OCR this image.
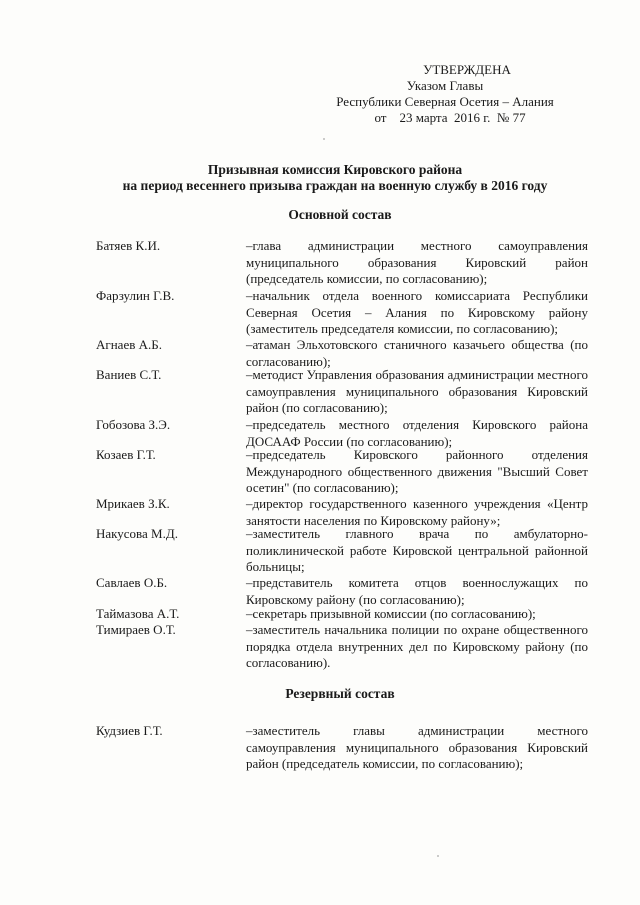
УТВЕРЖДЕНА
Указом Главы
Республики Северная Осетия – Алания
от    23 марта  2016 г.  № 77
Призывная комиссия Кировского района
на период весеннего призыва граждан на военную службу в 2016 году
Основной состав
Батяев К.И.	–глава администрации местного самоуправления муниципального образования Кировский район (председатель комиссии, по согласованию);
Фарзулин Г.В.	–начальник отдела военного комиссариата Республики Северная Осетия – Алания по Кировскому району (заместитель председателя комиссии, по согласованию);
Агнаев А.Б.	–атаман Эльхотовского станичного казачьего общества (по согласованию);
Ваниев С.Т.	–методист Управления образования администрации местного самоуправления муниципального образования Кировский район (по согласованию);
Гобозова З.Э.	–председатель местного отделения Кировского района ДОСААФ России (по согласованию);
Козаев Г.Т.	–председатель Кировского районного отделения Международного общественного движения "Высший Совет осетин" (по согласованию);
Мрикаев З.К.	–директор государственного казенного учреждения «Центр занятости населения по Кировскому району»;
Накусова М.Д.	–заместитель главного врача по амбулаторно-поликлинической работе Кировской центральной районной больницы;
Савлаев О.Б.	–представитель комитета отцов военнослужащих по Кировскому району (по согласованию);
Таймазова А.Т.	–секретарь призывной комиссии (по согласованию);
Тимираев О.Т.	–заместитель начальника полиции по охране общественного порядка отдела внутренних дел по Кировскому району (по согласованию).
Резервный состав
Кудзиев Г.Т.	–заместитель главы администрации местного самоуправления муниципального образования Кировский район (председатель комиссии, по согласованию);
